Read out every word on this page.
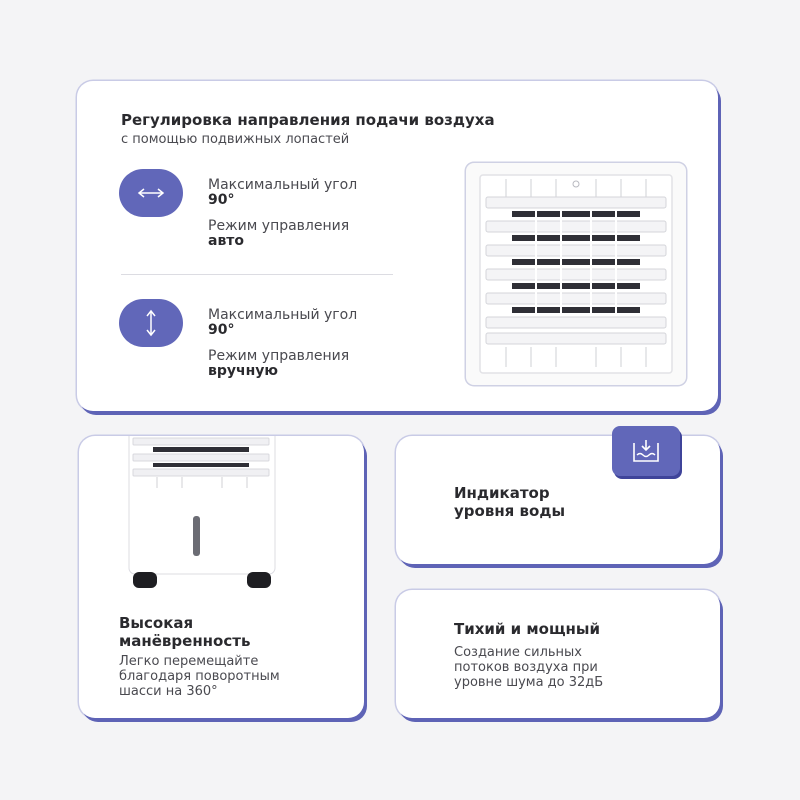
Регулировка направления подачи воздуха
с помощью подвижных лопастей
Максимальный угол
90°
Режим управления
авто
Максимальный угол
90°
Режим управления
вручную
Высокая
манёвренность
Легко перемещайте
благодаря поворотным
шасси на 360°
Индикатор
уровня воды
Тихий и мощный
Создание сильных
потоков воздуха при
уровне шума до 32дБ
